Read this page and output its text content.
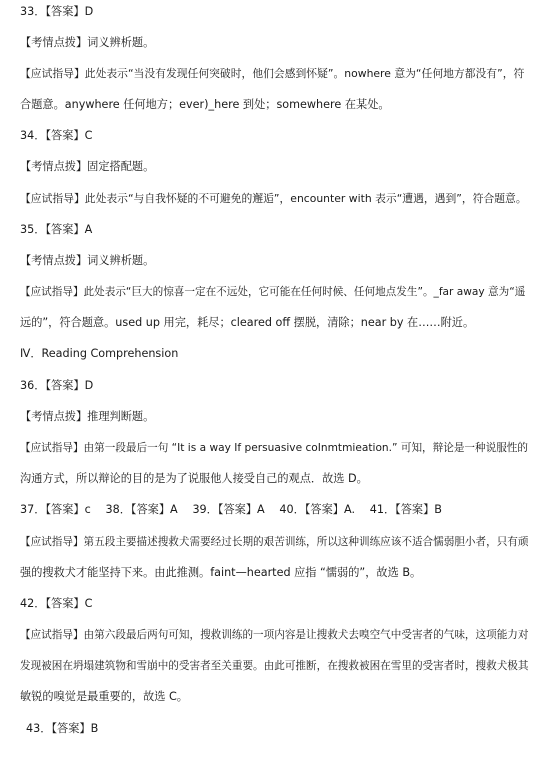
33．【答案】D
【考情点拨】词义辨析题。
【应试指导】此处表示“当没有发现任何突破时，他们会感到怀疑”。nowhere 意为“任何地方都没有”，符
合题意。anywhere 任何地方；ever)_here 到处；somewhere 在某处。
34．【答案】C
【考情点拨】固定搭配题。
【应试指导】此处表示“与自我怀疑的不可避免的邂逅”，encounter with 表示“遭遇，遇到”，符合题意。
35．【答案】A
【考情点拨】词义辨析题。
【应试指导】此处表示“巨大的惊喜一定在不远处，它可能在任何时候、任何地点发生”。_far away 意为“遥
远的”，符合题意。used up 用完，耗尽；cleared off 摆脱，清除；near by 在……附近。
Ⅳ．Reading Comprehension
36．【答案】D
【考情点拨】推理判断题。
【应试指导】由第一段最后一句 “It is a way If persuasive coInmtmieation.” 可知，辩论是一种说服性的
沟通方式，所以辩论的目的是为了说服他人接受自己的观点．故选 D。
37．【答案】c　 38．【答案】A　 39．【答案】A　 40．【答案】A.　 41．【答案】B
【应试指导】第五段主要描述搜救犬需要经过长期的艰苦训练，所以这种训练应该不适合懦弱胆小者，只有顽
强的搜救犬才能坚持下来。由此推测。faint—hearted 应指 “懦弱的”，故选 B。
42．【答案】C
【应试指导】由第六段最后两句可知，搜救训练的一项内容是让搜救犬去嗅空气中受害者的气味，这项能力对
发现被困在坍塌建筑物和雪崩中的受害者至关重要。由此可推断，在搜救被困在雪里的受害者时，搜救犬极其
敏锐的嗅觉是最重要的，故选 C。
43．【答案】B
